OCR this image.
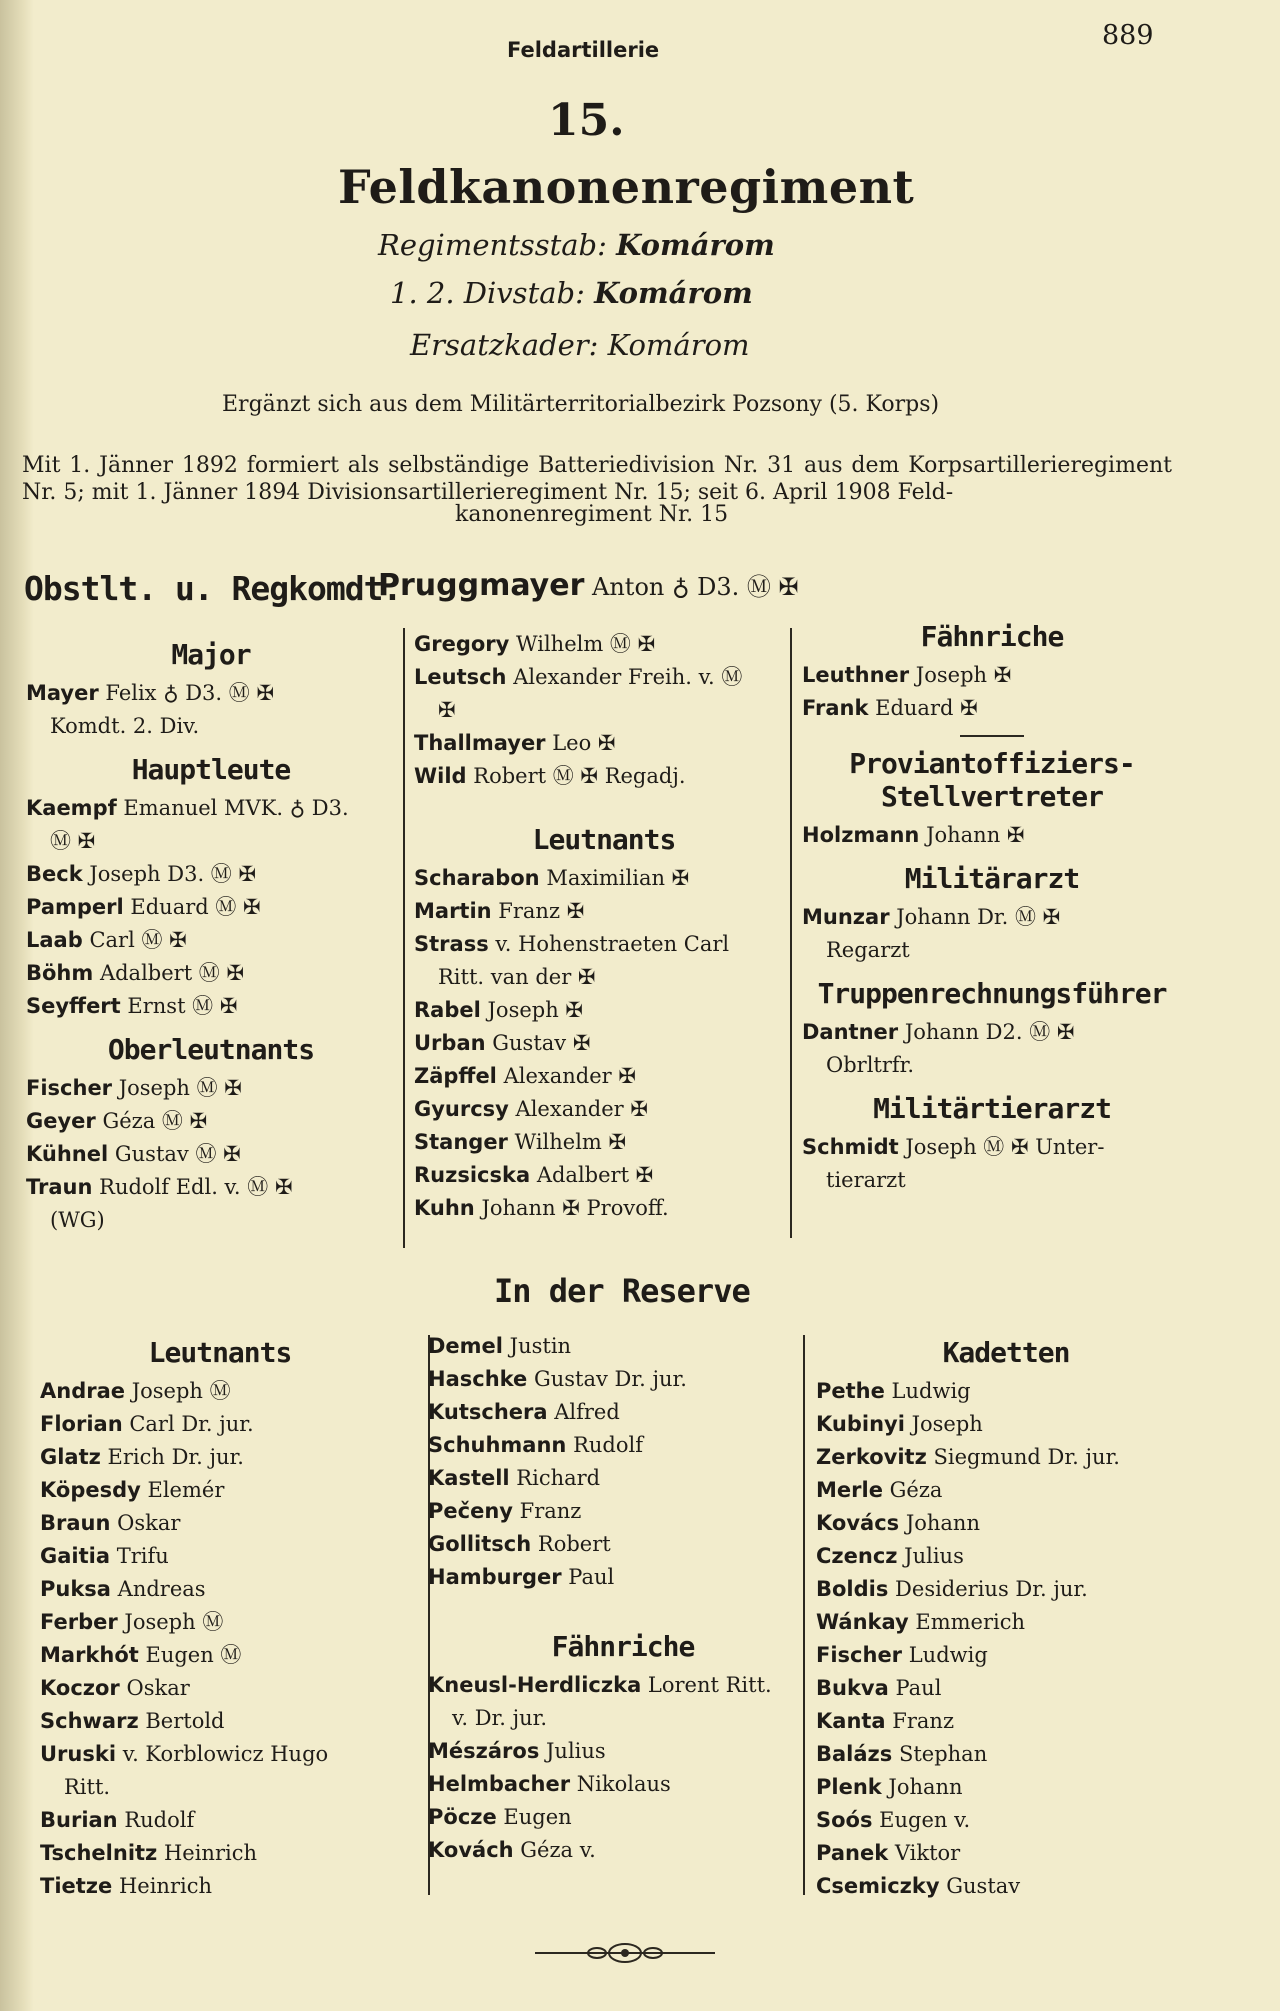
Feldartillerie	889
15.
Feldkanonenregiment
Regimentsstab: Komárom
1. 2. Divstab: Komárom
Ersatzkader: Komárom
Ergänzt sich aus dem Militärterritorialbezirk Pozsony (5. Korps)
Mit 1. Jänner 1892 formiert als selbständige Batteriedivision Nr. 31 aus dem Korpsartillerieregiment Nr. 5; mit 1. Jänner 1894 Divisionsartillerieregiment Nr. 15; seit 6. April 1908 Feld-
kanonenregiment Nr. 15
Obstlt. u. Regkomdt.
Pruggmayer Anton ♁ D3. Ⓜ ✠
Major
Mayer Felix ♁ D3. Ⓜ ✠
Komdt. 2. Div.
Hauptleute
Kaempf Emanuel MVK. ♁ D3.
Ⓜ ✠
Beck Joseph D3. Ⓜ ✠
Pamperl Eduard Ⓜ ✠
Laab Carl Ⓜ ✠
Böhm Adalbert Ⓜ ✠
Seyffert Ernst Ⓜ ✠
Oberleutnants
Fischer Joseph Ⓜ ✠
Geyer Géza Ⓜ ✠
Kühnel Gustav Ⓜ ✠
Traun Rudolf Edl. v. Ⓜ ✠
(WG)
Gregory Wilhelm Ⓜ ✠
Leutsch Alexander Freih. v. Ⓜ
✠
Thallmayer Leo ✠
Wild Robert Ⓜ ✠ Regadj.
Leutnants
Scharabon Maximilian ✠
Martin Franz ✠
Strass v. Hohenstraeten Carl
Ritt. van der ✠
Rabel Joseph ✠
Urban Gustav ✠
Zäpffel Alexander ✠
Gyurcsy Alexander ✠
Stanger Wilhelm ✠
Ruzsicska Adalbert ✠
Kuhn Johann ✠ Provoff.
Fähnriche
Leuthner Joseph ✠
Frank Eduard ✠
Proviantoffiziers-Stellvertreter
Holzmann Johann ✠
Militärarzt
Munzar Johann Dr. Ⓜ ✠
Regarzt
Truppenrechnungsführer
Dantner Johann D2. Ⓜ ✠
Obrltrfr.
Militärtierarzt
Schmidt Joseph Ⓜ ✠ Unter-
tierarzt
In der Reserve
Leutnants
Andrae Joseph Ⓜ
Florian Carl Dr. jur.
Glatz Erich Dr. jur.
Köpesdy Elemér
Braun Oskar
Gaitia Trifu
Puksa Andreas
Ferber Joseph Ⓜ
Markhót Eugen Ⓜ
Koczor Oskar
Schwarz Bertold
Uruski v. Korblowicz Hugo
Ritt.
Burian Rudolf
Tschelnitz Heinrich
Tietze Heinrich
Demel Justin
Haschke Gustav Dr. jur.
Kutschera Alfred
Schuhmann Rudolf
Kastell Richard
Pečeny Franz
Gollitsch Robert
Hamburger Paul
Fähnriche
Kneusl-Herdliczka Lorent Ritt.
v. Dr. jur.
Mészáros Julius
Helmbacher Nikolaus
Pöcze Eugen
Kovách Géza v.
Kadetten
Pethe Ludwig
Kubinyi Joseph
Zerkovitz Siegmund Dr. jur.
Merle Géza
Kovács Johann
Czencz Julius
Boldis Desiderius Dr. jur.
Wánkay Emmerich
Fischer Ludwig
Bukva Paul
Kanta Franz
Balázs Stephan
Plenk Johann
Soós Eugen v.
Panek Viktor
Csemiczky Gustav
